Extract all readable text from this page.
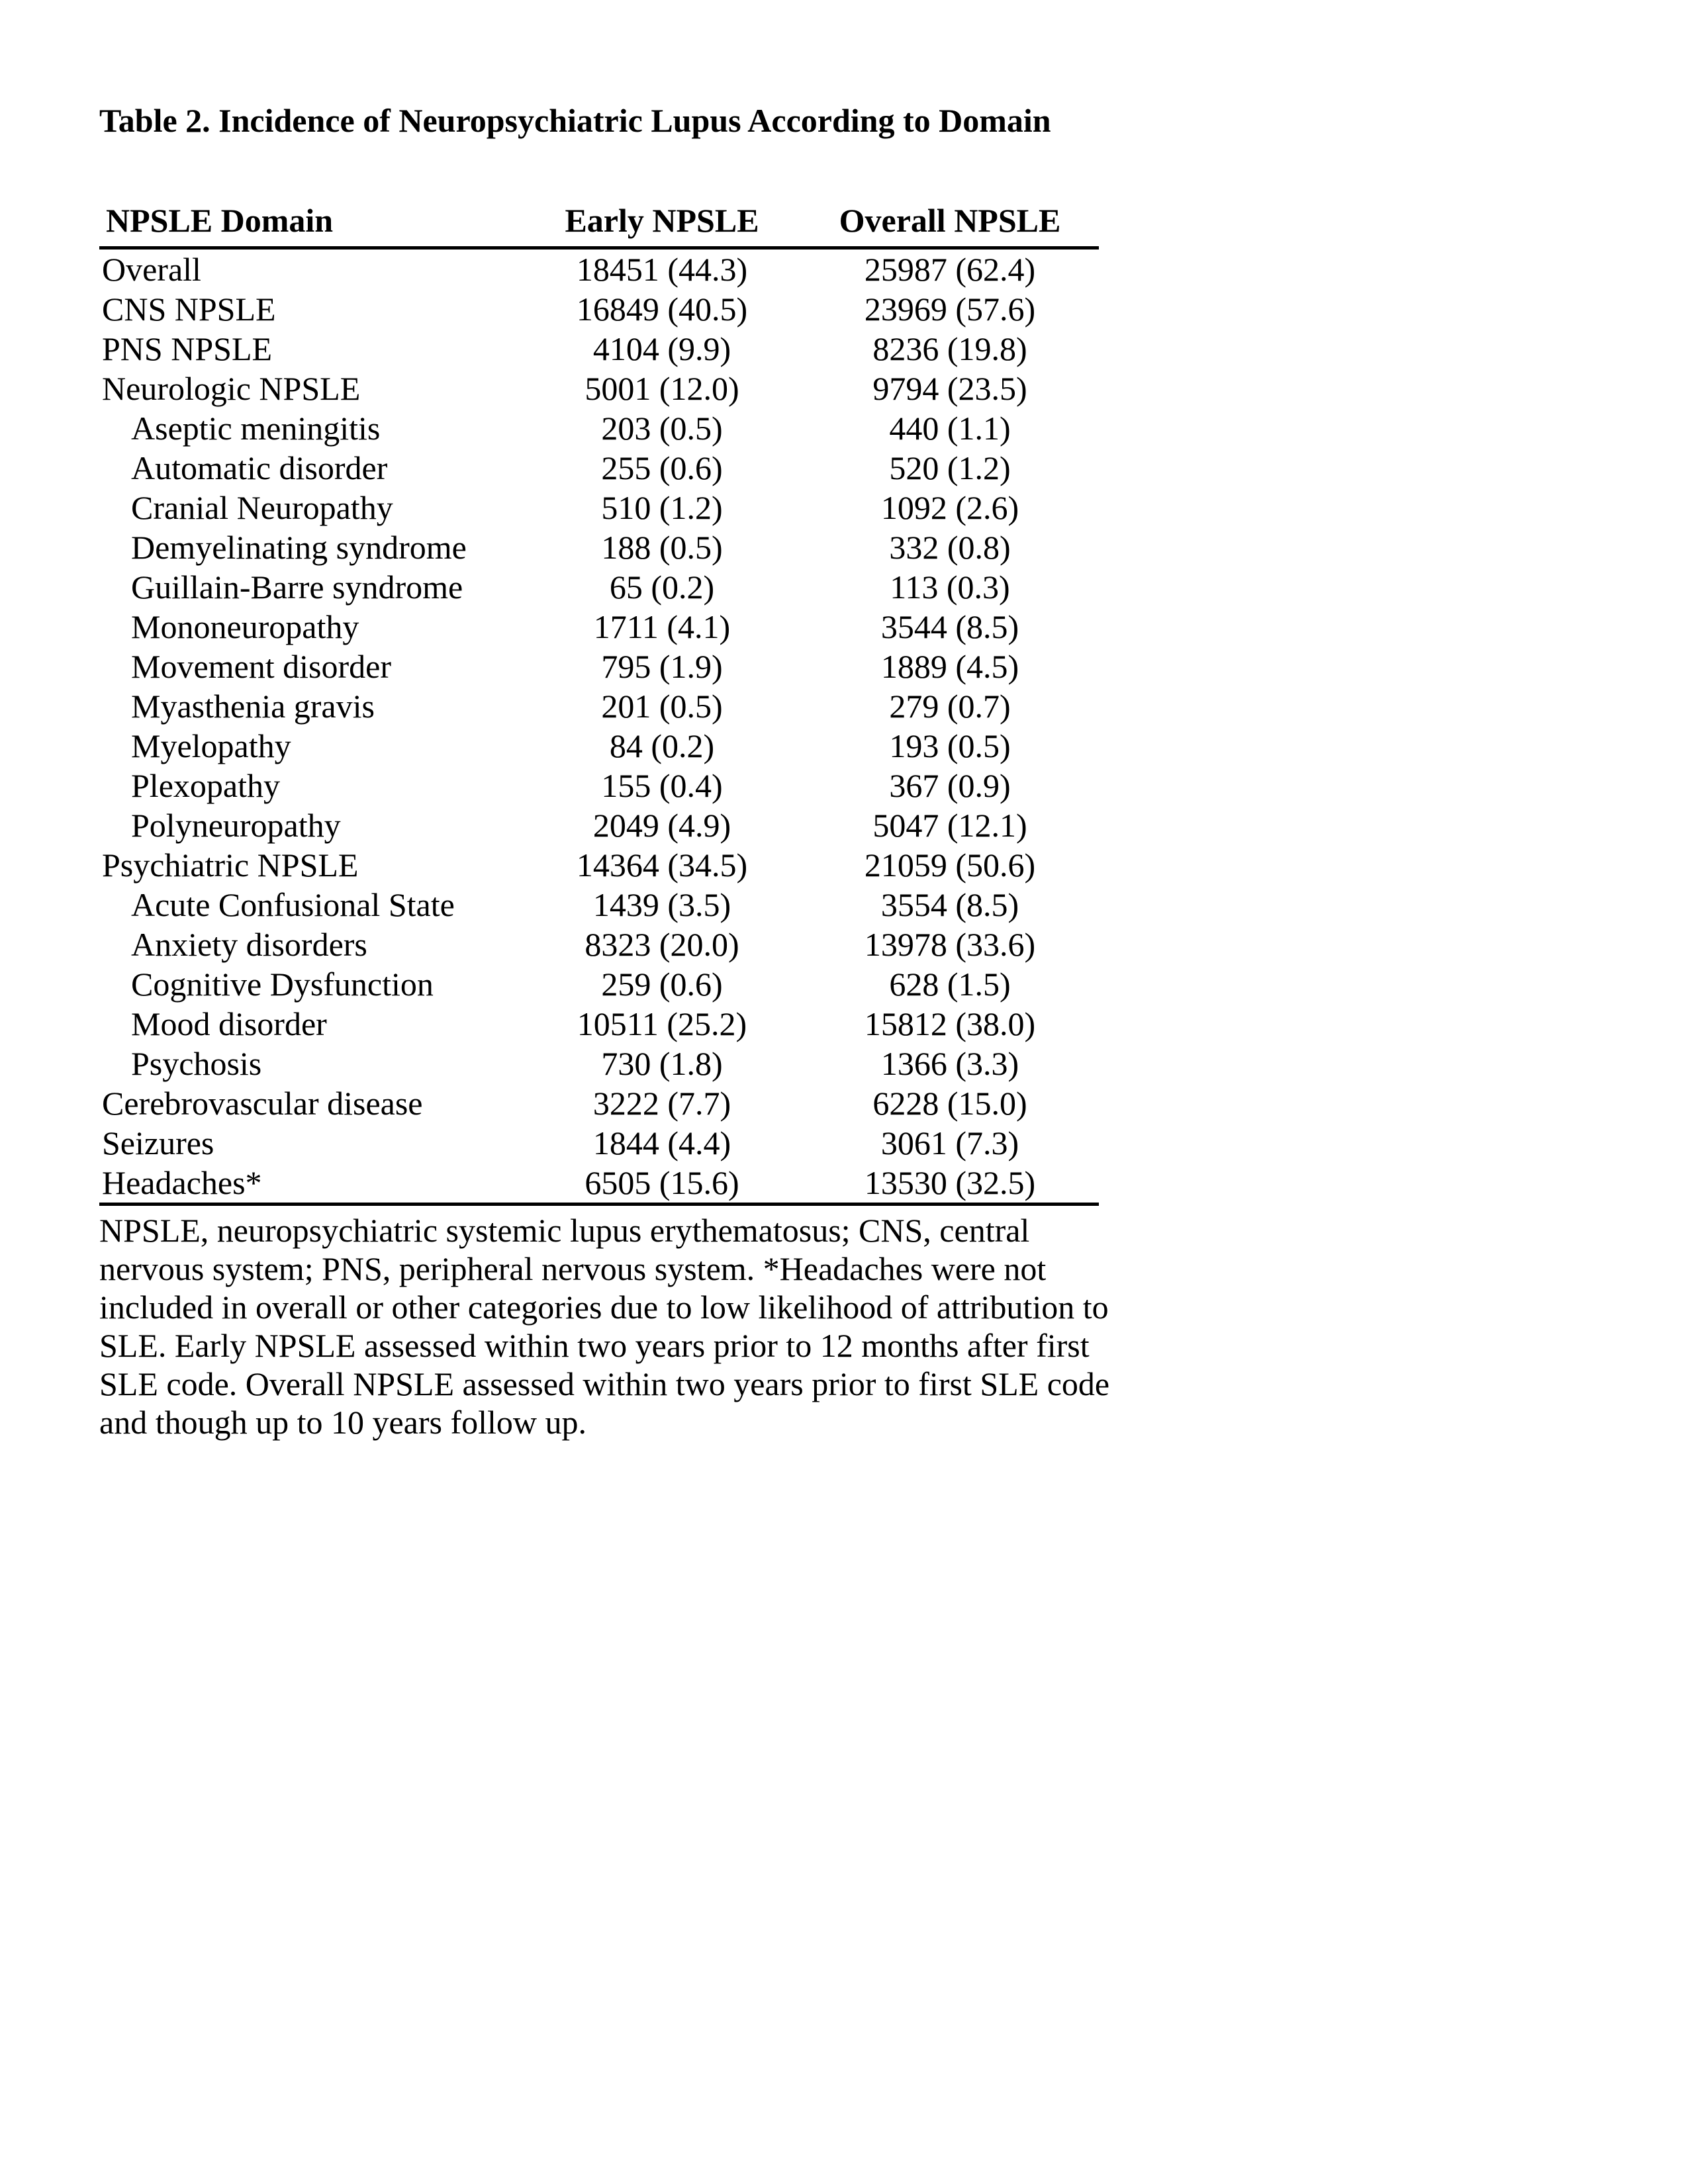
Table 2. Incidence of Neuropsychiatric Lupus According to Domain
NPSLE Domain	Early NPSLE	Overall NPSLE
Overall	18451 (44.3)	25987 (62.4)
CNS NPSLE	16849 (40.5)	23969 (57.6)
PNS NPSLE	4104 (9.9)	8236 (19.8)
Neurologic NPSLE	5001 (12.0)	9794 (23.5)
Aseptic meningitis	203 (0.5)	440 (1.1)
Automatic disorder	255 (0.6)	520 (1.2)
Cranial Neuropathy	510 (1.2)	1092 (2.6)
Demyelinating syndrome	188 (0.5)	332 (0.8)
Guillain-Barre syndrome	65 (0.2)	113 (0.3)
Mononeuropathy	1711 (4.1)	3544 (8.5)
Movement disorder	795 (1.9)	1889 (4.5)
Myasthenia gravis	201 (0.5)	279 (0.7)
Myelopathy	84 (0.2)	193 (0.5)
Plexopathy	155 (0.4)	367 (0.9)
Polyneuropathy	2049 (4.9)	5047 (12.1)
Psychiatric NPSLE	14364 (34.5)	21059 (50.6)
Acute Confusional State	1439 (3.5)	3554 (8.5)
Anxiety disorders	8323 (20.0)	13978 (33.6)
Cognitive Dysfunction	259 (0.6)	628 (1.5)
Mood disorder	10511 (25.2)	15812 (38.0)
Psychosis	730 (1.8)	1366 (3.3)
Cerebrovascular disease	3222 (7.7)	6228 (15.0)
Seizures	1844 (4.4)	3061 (7.3)
Headaches*	6505 (15.6)	13530 (32.5)

NPSLE, neuropsychiatric systemic lupus erythematosus; CNS, central nervous system; PNS, peripheral nervous system. *Headaches were not included in overall or other categories due to low likelihood of attribution to SLE. Early NPSLE assessed within two years prior to 12 months after first SLE code. Overall NPSLE assessed within two years prior to first SLE code and though up to 10 years follow up.
